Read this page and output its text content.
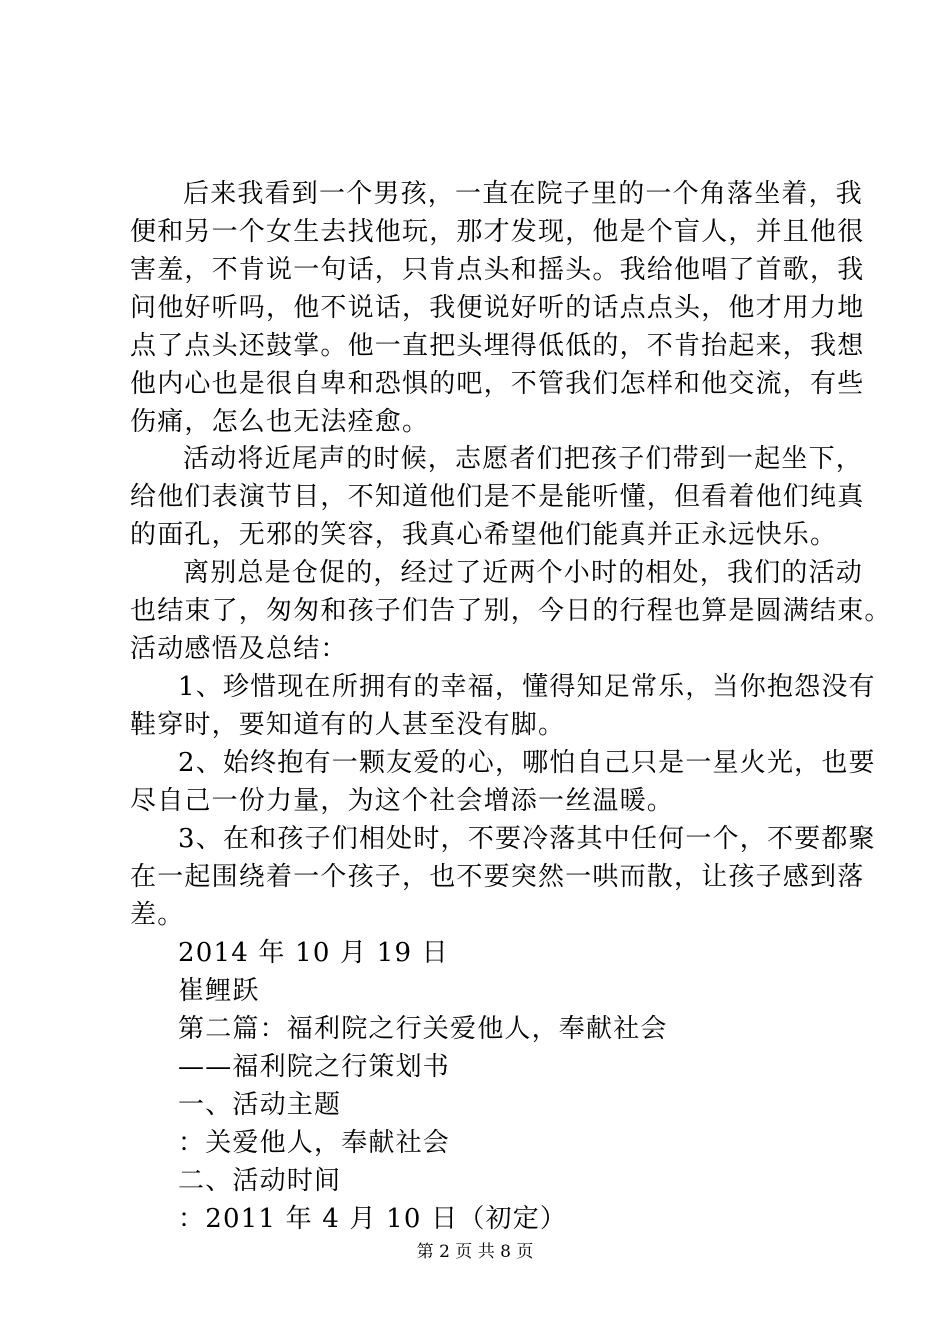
后来我看到一个男孩，一直在院子里的一个角落坐着，我
便和另一个女生去找他玩，那才发现，他是个盲人，并且他很
害羞，不肯说一句话，只肯点头和摇头。我给他唱了首歌，我
问他好听吗，他不说话，我便说好听的话点点头，他才用力地
点了点头还鼓掌。他一直把头埋得低低的，不肯抬起来，我想
他内心也是很自卑和恐惧的吧，不管我们怎样和他交流，有些
伤痛，怎么也无法痊愈。
活动将近尾声的时候，志愿者们把孩子们带到一起坐下，
给他们表演节目，不知道他们是不是能听懂，但看着他们纯真
的面孔，无邪的笑容，我真心希望他们能真并正永远快乐。
离别总是仓促的，经过了近两个小时的相处，我们的活动
也结束了，匆匆和孩子们告了别，今日的行程也算是圆满结束。
活动感悟及总结：
1、珍惜现在所拥有的幸福，懂得知足常乐，当你抱怨没有
鞋穿时，要知道有的人甚至没有脚。
2、始终抱有一颗友爱的心，哪怕自己只是一星火光，也要
尽自己一份力量，为这个社会增添一丝温暖。
3、在和孩子们相处时，不要冷落其中任何一个，不要都聚
在一起围绕着一个孩子，也不要突然一哄而散，让孩子感到落
差。
2014 年 10 月 19 日
崔鲤跃
第二篇：福利院之行关爱他人，奉献社会
——福利院之行策划书
一、活动主题
：关爱他人，奉献社会
二、活动时间
：2011 年 4 月 10 日（初定）
第 2 页 共 8 页
